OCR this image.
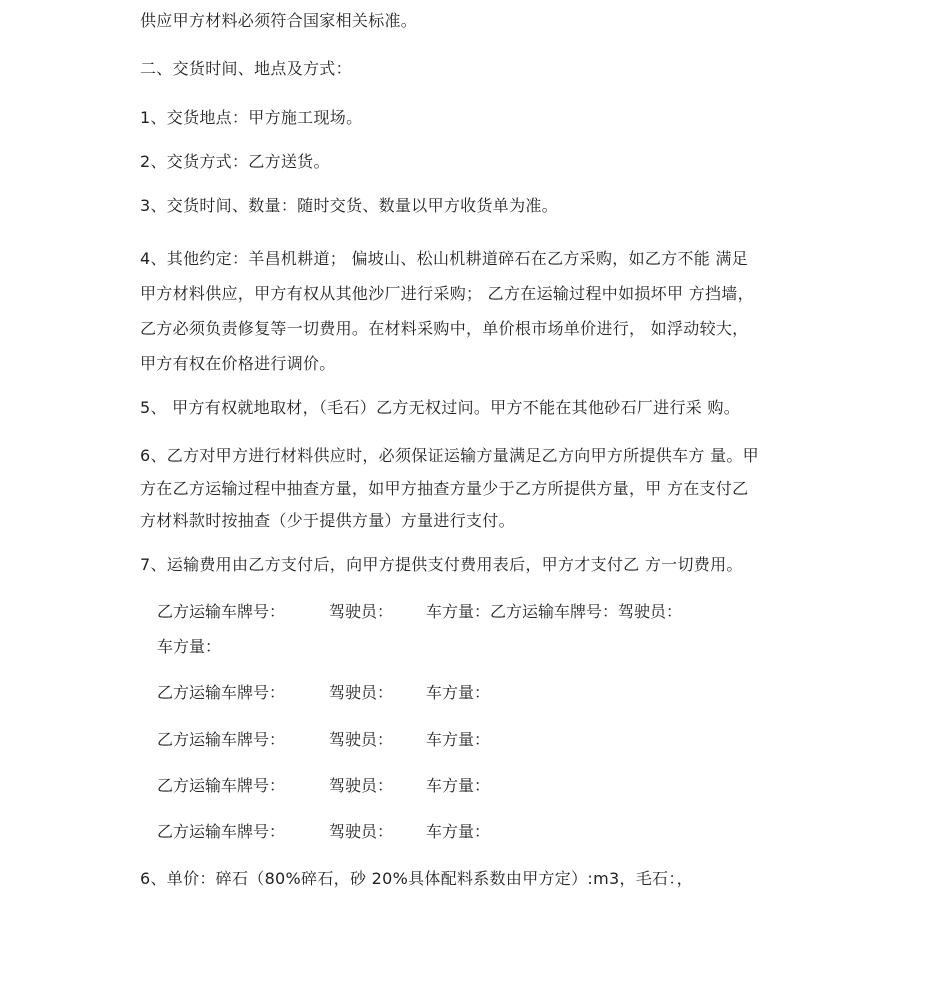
供应甲方材料必须符合国家相关标准。
二、交货时间、地点及方式：
1、交货地点：甲方施工现场。
2、交货方式：乙方送货。
3、交货时间、数量：随时交货、数量以甲方收货单为准。
4、其他约定：羊昌机耕道； 偏坡山、松山机耕道碎石在乙方采购，如乙方不能 满足
甲方材料供应，甲方有权从其他沙厂进行采购； 乙方在运输过程中如损坏甲 方挡墙，
乙方必须负责修复等一切费用。在材料采购中，单价根市场单价进行， 如浮动较大，
甲方有权在价格进行调价。
5、 甲方有权就地取材，（毛石）乙方无权过问。甲方不能在其他砂石厂进行采 购。
6、乙方对甲方进行材料供应时，必须保证运输方量满足乙方向甲方所提供车方 量。甲
方在乙方运输过程中抽查方量，如甲方抽查方量少于乙方所提供方量，甲 方在支付乙
方材料款时按抽查（少于提供方量）方量进行支付。
7、运输费用由乙方支付后，向甲方提供支付费用表后，甲方才支付乙 方一切费用。
乙方运输车牌号：	驾驶员： 车方量：乙方运输车牌号：驾驶员：
车方量：
乙方运输车牌号：	驾驶员： 车方量：
乙方运输车牌号：	驾驶员： 车方量：
乙方运输车牌号：	驾驶员： 车方量：
乙方运输车牌号：	驾驶员： 车方量：
6、单价：碎石（80%碎石，砂 20%具体配料系数由甲方定）:m3，毛石：，
